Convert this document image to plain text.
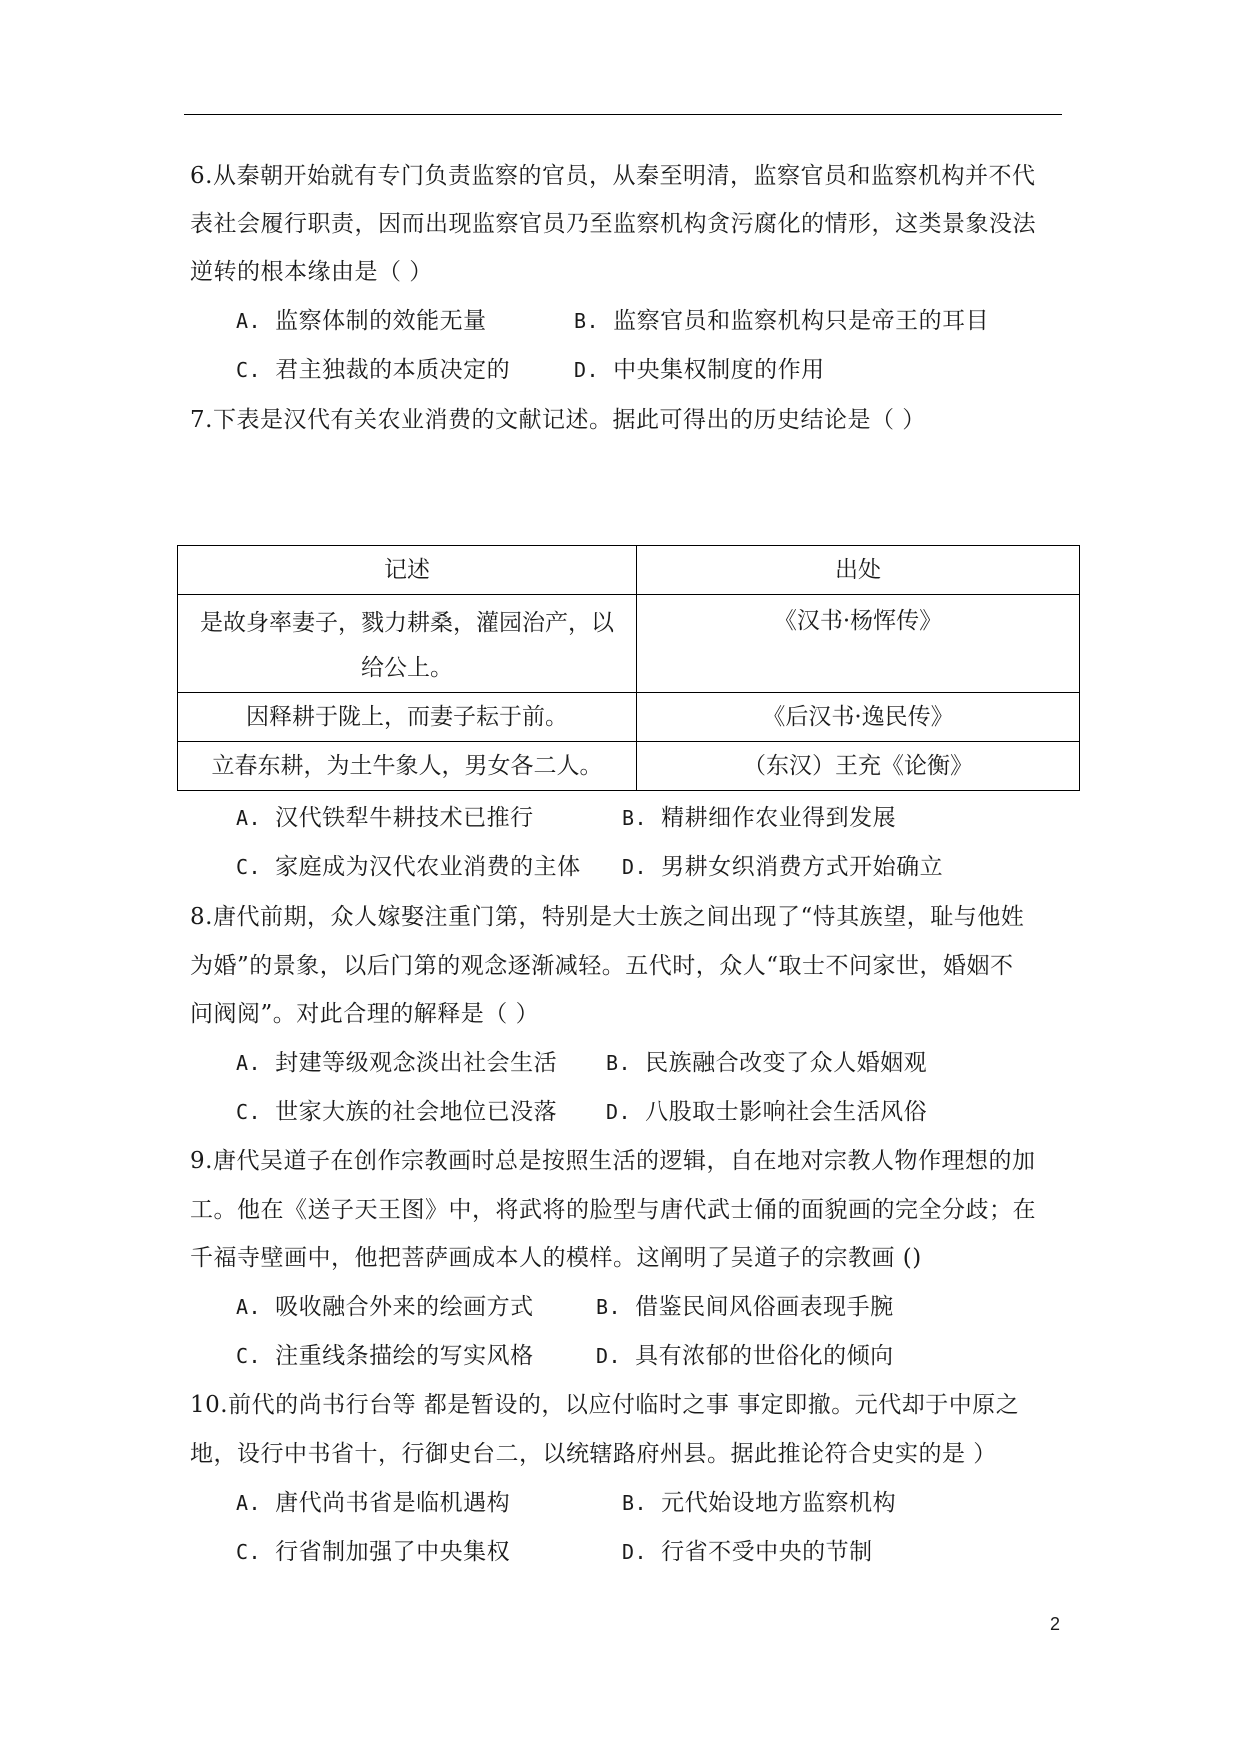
6.从秦朝开始就有专门负责监察的官员，从秦至明清，监察官员和监察机构并不代
表社会履行职责，因而出现监察官员乃至监察机构贪污腐化的情形，这类景象没法
逆转的根本缘由是（ ）
A. 监察体制的效能无量	B. 监察官员和监察机构只是帝王的耳目
C. 君主独裁的本质决定的	D. 中央集权制度的作用
7.下表是汉代有关农业消费的文献记述。据此可得出的历史结论是（ ）
记述	出处

是故身率妻子，戮力耕桑，灌园治产，以
给公上。	《汉书·杨恽传》
因释耕于陇上，而妻子耘于前。	《后汉书·逸民传》
立春东耕，为土牛象人，男女各二人。	（东汉）王充《论衡》
A. 汉代铁犁牛耕技术已推行	B. 精耕细作农业得到发展
C. 家庭成为汉代农业消费的主体 D. 男耕女织消费方式开始确立
8.唐代前期，众人嫁娶注重门第，特别是大士族之间出现了“恃其族望，耻与他姓
为婚”的景象，以后门第的观念逐渐减轻。五代时，众人“取士不问家世，婚姻不
问阀阅”。对此合理的解释是（ ）
A. 封建等级观念淡出社会生活 B. 民族融合改变了众人婚姻观
C. 世家大族的社会地位已没落 D. 八股取士影响社会生活风俗
9.唐代吴道子在创作宗教画时总是按照生活的逻辑，自在地对宗教人物作理想的加
工。他在《送子天王图》中，将武将的脸型与唐代武士俑的面貌画的完全分歧；在
千福寺壁画中，他把菩萨画成本人的模样。这阐明了吴道子的宗教画 ()
A. 吸收融合外来的绘画方式	B. 借鉴民间风俗画表现手腕
C. 注重线条描绘的写实风格	D. 具有浓郁的世俗化的倾向
10.前代的尚书行台等 都是暂设的，以应付临时之事 事定即撤。元代却于中原之
地，设行中书省十，行御史台二，以统辖路府州县。据此推论符合史实的是 ）
A. 唐代尚书省是临机遇构	B. 元代始设地方监察机构
C. 行省制加强了中央集权	D. 行省不受中央的节制
2
